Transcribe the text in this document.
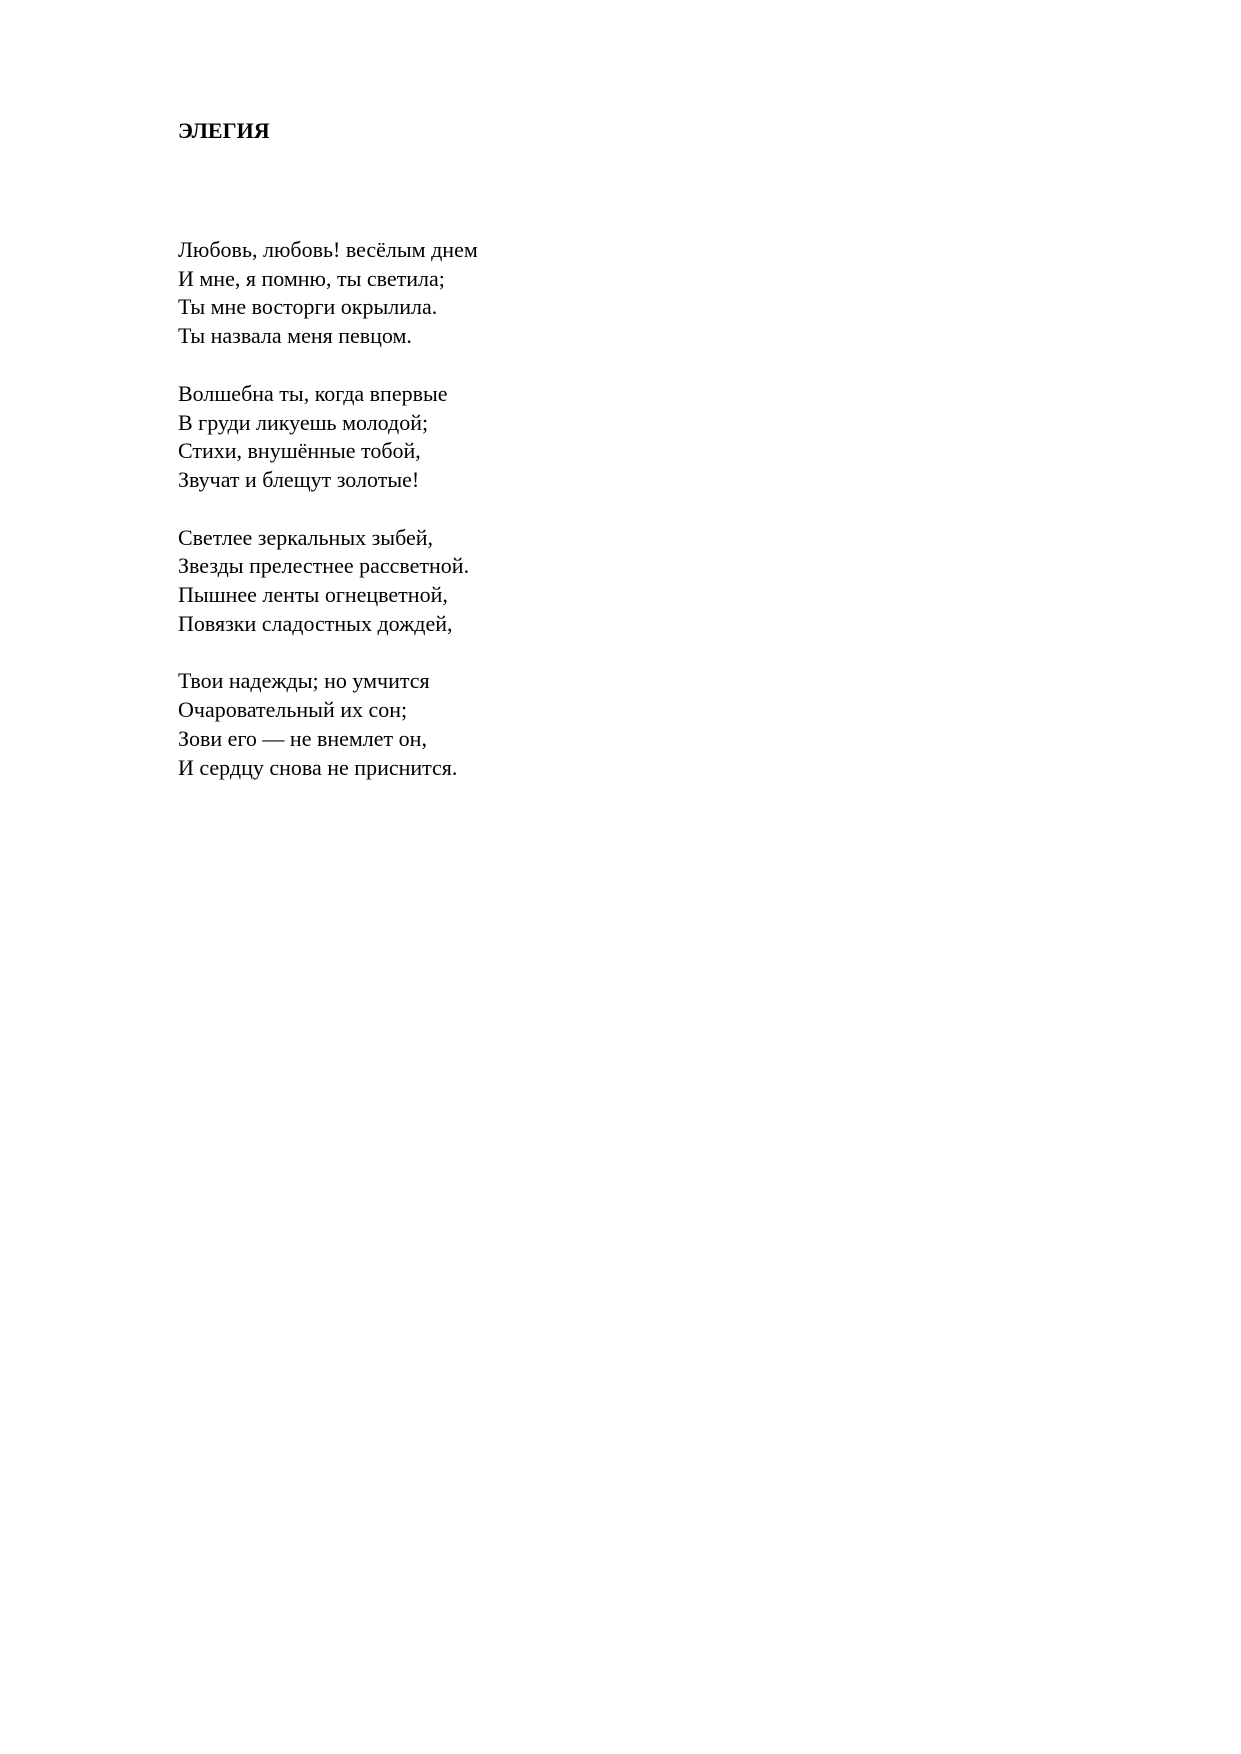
ЭЛЕГИЯ
Любовь, любовь! весёлым днем
И мне, я помню, ты светила;
Ты мне восторги окрылила.
Ты назвала меня певцом.
Волшебна ты, когда впервые
В груди ликуешь молодой;
Стихи, внушённые тобой,
Звучат и блещут золотые!
Светлее зеркальных зыбей,
Звезды прелестнее рассветной.
Пышнее ленты огнецветной,
Повязки сладостных дождей,
Твои надежды; но умчится
Очаровательный их сон;
Зови его — не внемлет он,
И сердцу снова не приснится.
